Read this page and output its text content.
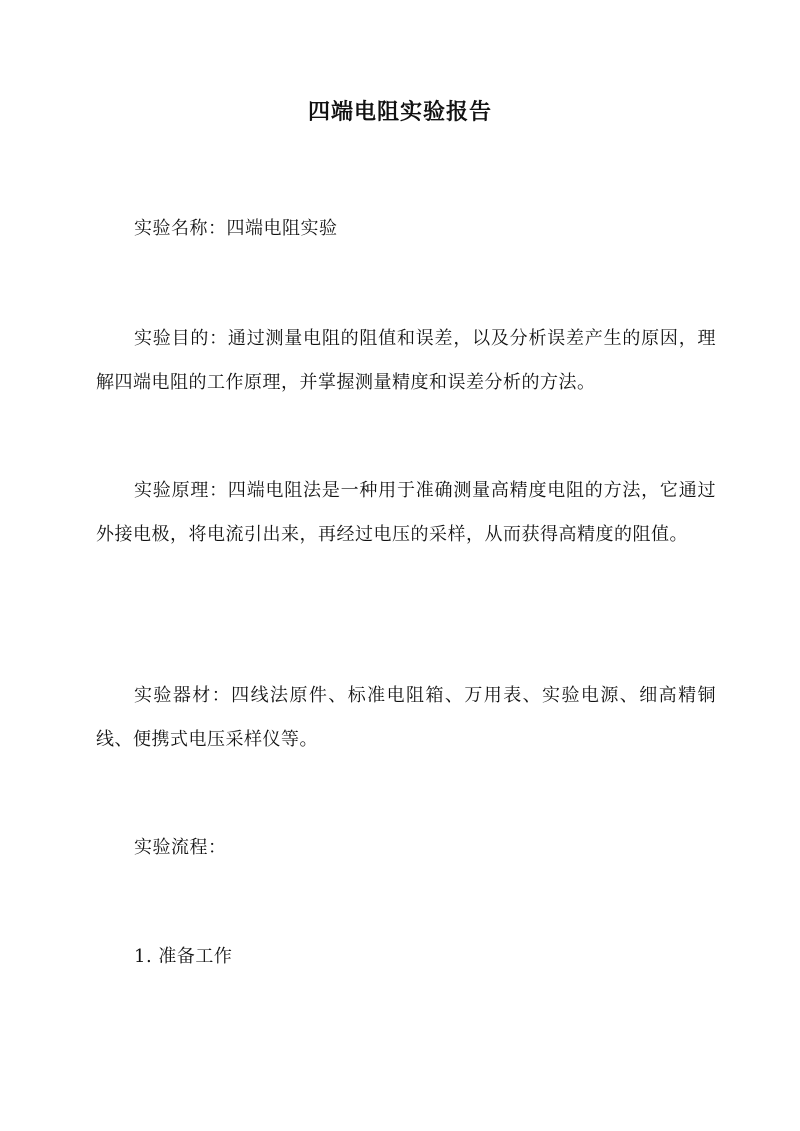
四端电阻实验报告

实验名称：四端电阻实验

实验目的：通过测量电阻的阻值和误差，以及分析误差产生的原因，理解四端电阻的工作原理，并掌握测量精度和误差分析的方法。

实验原理：四端电阻法是一种用于准确测量高精度电阻的方法，它通过外接电极，将电流引出来，再经过电压的采样，从而获得高精度的阻值。

实验器材：四线法原件、标准电阻箱、万用表、实验电源、细高精铜线、便携式电压采样仪等。

实验流程：

1. 准备工作
